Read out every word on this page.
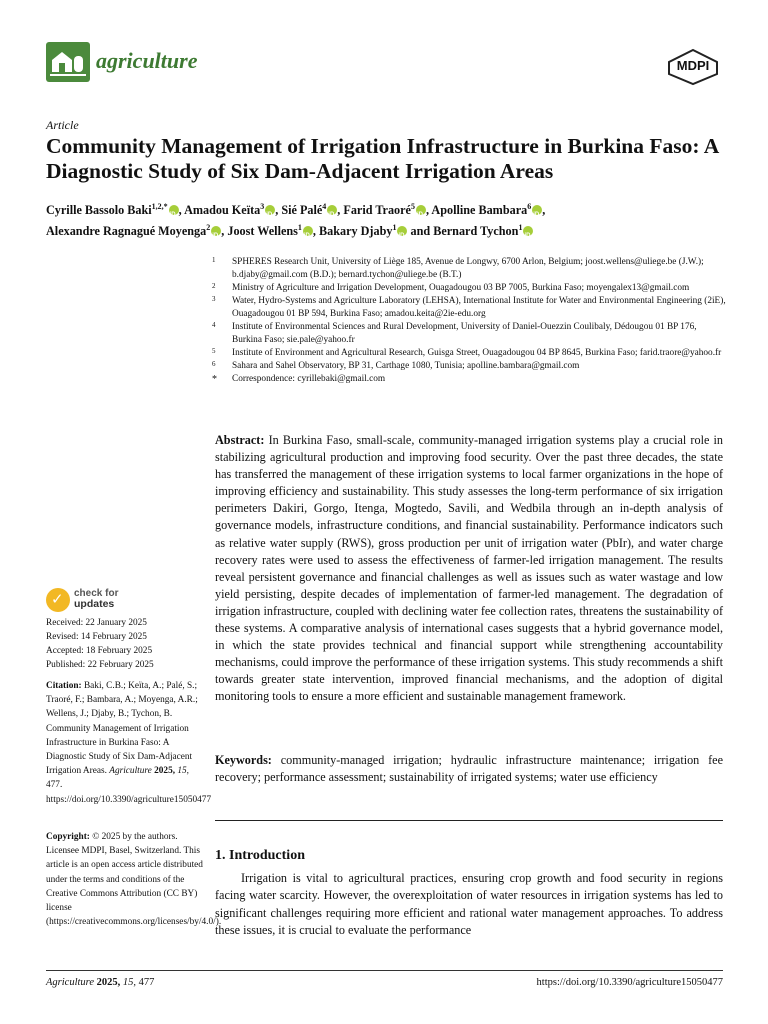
agriculture	MDPI
Article
Community Management of Irrigation Infrastructure in Burkina Faso: A Diagnostic Study of Six Dam-Adjacent Irrigation Areas
Cyrille Bassolo Baki$^{1,2,*}$ iD , Amadou Keïta$^3$ iD , Sié Palé$^4$ iD , Farid Traoré$^5$ iD , Apolline Bambara$^6$ iD ,
Alexandre Ragnagué Moyenga$^2$ iD , Joost Wellens$^1$ iD , Bakary Djaby$^1$iD and Bernard Tychon$^1$iD
1 SPHERES Research Unit, University of Liège 185, Avenue de Longwy, 6700 Arlon, Belgium; joost.wellens@uliege.be (J.W.); b.djaby@gmail.com (B.D.); bernard.tychon@uliege.be (B.T.)
2 Ministry of Agriculture and Irrigation Development, Ouagadougou 03 BP 7005, Burkina Faso; moyengalex13@gmail.com
3 Water, Hydro-Systems and Agriculture Laboratory (LEHSA), International Institute for Water and Environmental Engineering (2iE), Ouagadougou 01 BP 594, Burkina Faso; amadou.keita@2ie-edu.org
4 Institute of Environmental Sciences and Rural Development, University of Daniel-Ouezzin Coulibaly, Dédougou 01 BP 176, Burkina Faso; sie.pale@yahoo.fr
5 Institute of Environment and Agricultural Research, Guisga Street, Ouagadougou 04 BP 8645, Burkina Faso; farid.traore@yahoo.fr
6 Sahara and Sahel Observatory, BP 31, Carthage 1080, Tunisia; apolline.bambara@gmail.com
* Correspondence: cyrillebaki@gmail.com

Abstract: In Burkina Faso, small-scale, community-managed irrigation systems play a crucial role in stabilizing agricultural production and improving food security. Over the past three decades, the state has transferred the management of these irrigation systems to local farmer organizations in the hope of improving efficiency and sustainability. This study assesses the long-term performance of six irrigation perimeters Dakiri, Gorgo, Itenga, Mogtedo, Savili, and Wedbila through an in-depth analysis of governance models, infrastructure conditions, and financial sustainability. Performance indicators such as relative water supply (RWS), gross production per unit of irrigation water (PbIr), and water charge recovery rates were used to assess the effectiveness of farmer-led irrigation management. The results reveal persistent governance and financial challenges as well as issues such as water wastage and low yield persisting, despite decades of implementation of farmer-led management. The degradation of irrigation infrastructure, coupled with declining water fee collection rates, threatens the sustainability of these systems. A comparative analysis of international cases suggests that a hybrid governance model, in which the state provides technical and financial support while strengthening accountability mechanisms, could improve the performance of these irrigation systems. This study recommends a shift towards greater state intervention, improved financial mechanisms, and the adoption of digital monitoring tools to ensure a more efficient and sustainable management framework.

Keywords: community-managed irrigation; hydraulic infrastructure maintenance; irrigation fee recovery; performance assessment; sustainability of irrigated systems; water use efficiency

1. Introduction

Irrigation is vital to agricultural practices, ensuring crop growth and food security in regions facing water scarcity. However, the overexploitation of water resources in irrigation systems has led to significant challenges requiring more efficient and rational water management approaches. To address these issues, it is crucial to evaluate the performance

✓ check for
updates
Received: 22 January 2025
Revised: 14 February 2025
Accepted: 18 February 2025
Published: 22 February 2025
Citation: Baki, C.B.; Keïta, A.; Palé, S.; Traoré, F.; Bambara, A.; Moyenga, A.R.; Wellens, J.; Djaby, B.; Tychon, B. Community Management of Irrigation Infrastructure in Burkina Faso: A Diagnostic Study of Six Dam-Adjacent Irrigation Areas. Agriculture 2025, 15, 477. https://doi.org/10.3390/agriculture15050477
Copyright: © 2025 by the authors. Licensee MDPI, Basel, Switzerland. This article is an open access article distributed under the terms and conditions of the Creative Commons Attribution (CC BY) license (https://creativecommons.org/licenses/by/4.0/).
Agriculture 2025, 15, 477	https://doi.org/10.3390/agriculture15050477
